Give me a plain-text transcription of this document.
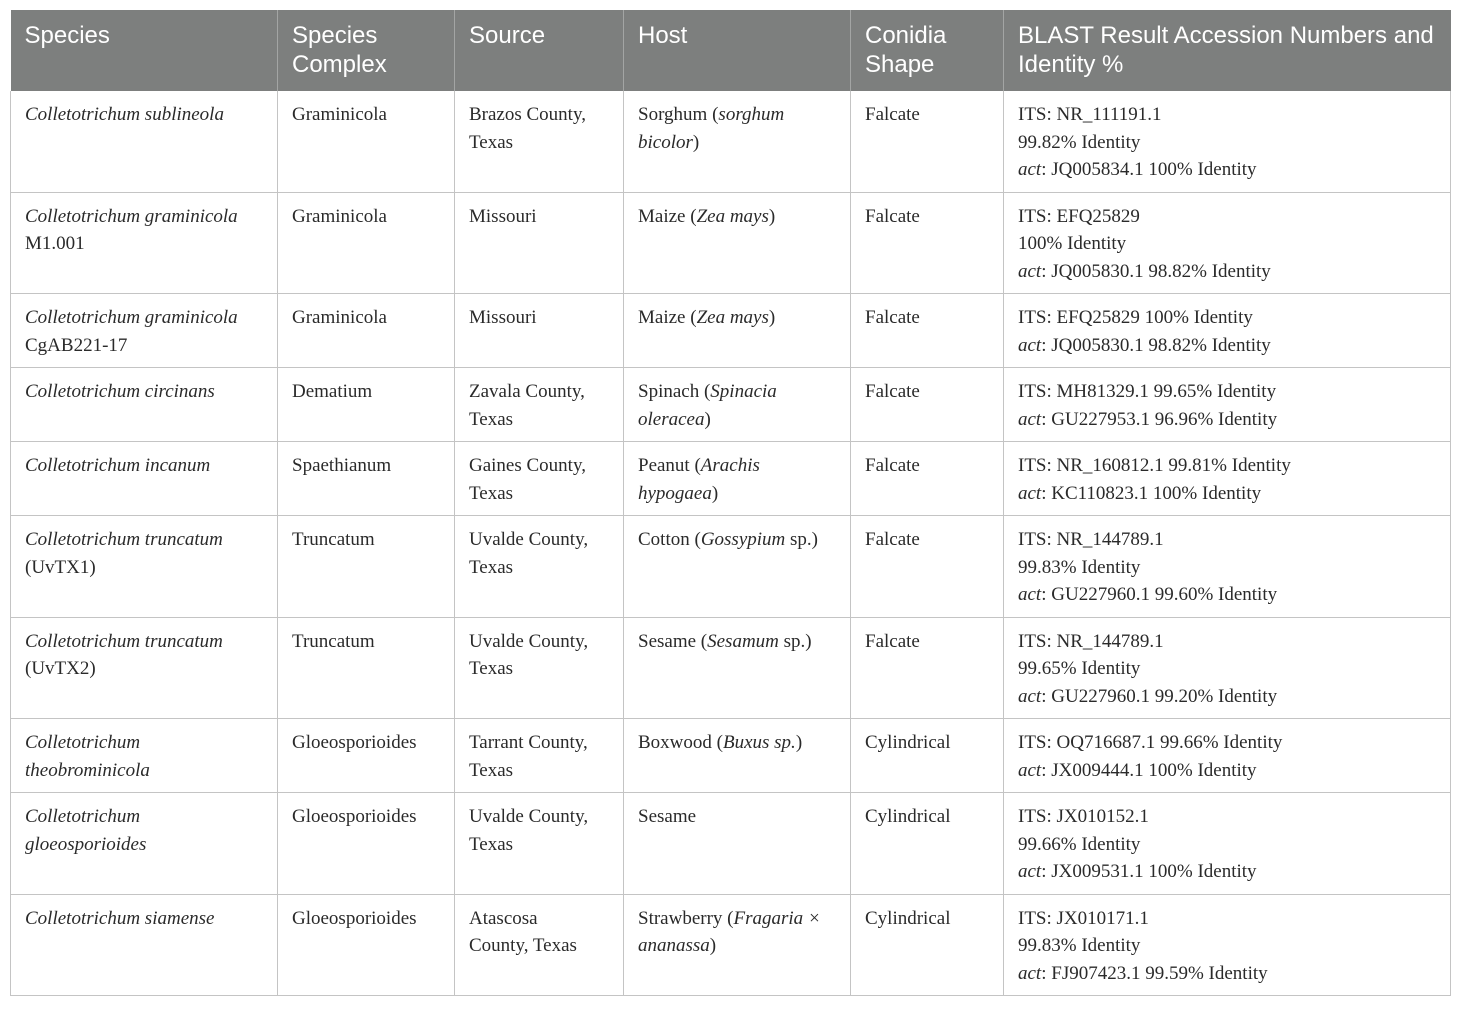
Species	Species Complex	Source	Host	Conidia Shape	BLAST Result Accession Numbers and Identity %

Colletotrichum sublineola	Graminicola	Brazos County, Texas	Sorghum (sorghum bicolor)	Falcate	ITS: NR_111191.1
99.82% Identity
act: JQ005834.1 100% Identity

Colletotrichum graminicola M1.001	Graminicola	Missouri	Maize (Zea mays)	Falcate	ITS: EFQ25829
100% Identity
act: JQ005830.1 98.82% Identity

Colletotrichum graminicola CgAB221-17	Graminicola	Missouri	Maize (Zea mays)	Falcate	ITS: EFQ25829 100% Identity
act: JQ005830.1 98.82% Identity

Colletotrichum circinans	Dematium	Zavala County, Texas	Spinach (Spinacia oleracea)	Falcate	ITS: MH81329.1 99.65% Identity
act: GU227953.1 96.96% Identity

Colletotrichum incanum	Spaethianum	Gaines County, Texas	Peanut (Arachis hypogaea)	Falcate	ITS: NR_160812.1 99.81% Identity
act: KC110823.1 100% Identity

Colletotrichum truncatum (UvTX1)	Truncatum	Uvalde County, Texas	Cotton (Gossypium sp.)	Falcate	ITS: NR_144789.1
99.83% Identity
act: GU227960.1 99.60% Identity

Colletotrichum truncatum (UvTX2)	Truncatum	Uvalde County, Texas	Sesame (Sesamum sp.)	Falcate	ITS: NR_144789.1
99.65% Identity
act: GU227960.1 99.20% Identity

Colletotrichum theobrominicola	Gloeosporioides	Tarrant County, Texas	Boxwood (Buxus sp.)	Cylindrical	ITS: OQ716687.1 99.66% Identity
act: JX009444.1 100% Identity

Colletotrichum gloeosporioides	Gloeosporioides	Uvalde County, Texas	Sesame	Cylindrical	ITS: JX010152.1
99.66% Identity
act: JX009531.1 100% Identity

Colletotrichum siamense	Gloeosporioides	Atascosa County, Texas	Strawberry (Fragaria × ananassa)	Cylindrical	ITS: JX010171.1
99.83% Identity
act: FJ907423.1 99.59% Identity
